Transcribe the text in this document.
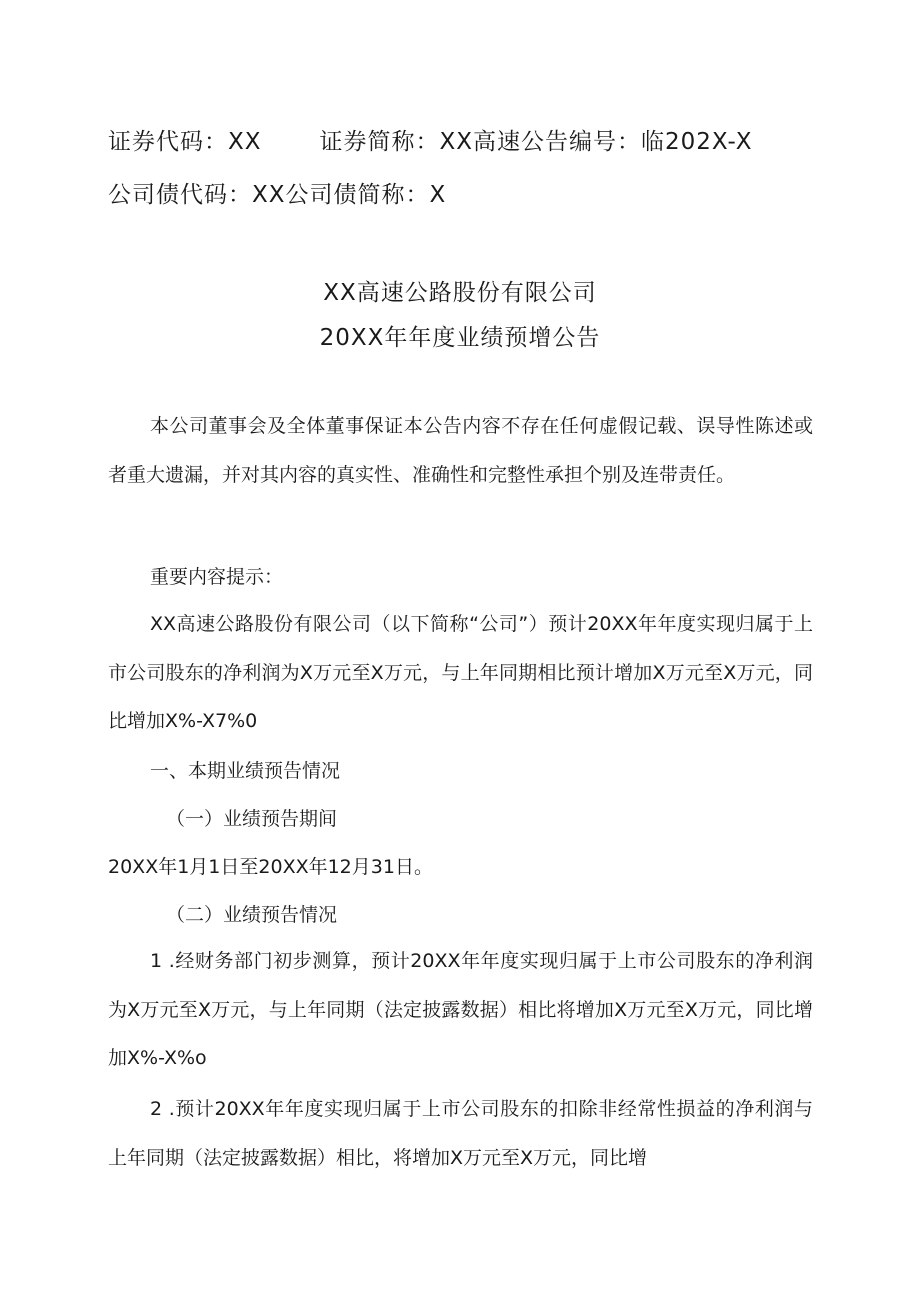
证券代码：XX	证券简称：XX高速公告编号：临202X-X
公司债代码：XX公司债简称：X
XX高速公路股份有限公司
20XX年年度业绩预增公告

本公司董事会及全体董事保证本公告内容不存在任何虚假记载、误导性陈述或者重大遗漏，并对其内容的真实性、准确性和完整性承担个别及连带责任。

重要内容提示：

XX高速公路股份有限公司（以下简称“公司”）预计20XX年年度实现归属于上市公司股东的净利润为X万元至X万元，与上年同期相比预计增加X万元至X万元，同比增加X%-X7%0

一、本期业绩预告情况

（一）业绩预告期间

20XX年1月1日至20XX年12月31日。

（二）业绩预告情况

1 .经财务部门初步测算，预计20XX年年度实现归属于上市公司股东的净利润为X万元至X万元，与上年同期（法定披露数据）相比将增加X万元至X万元，同比增加X%-X%o

2 .预计20XX年年度实现归属于上市公司股东的扣除非经常性损益的净利润与上年同期（法定披露数据）相比，将增加X万元至X万元，同比增
